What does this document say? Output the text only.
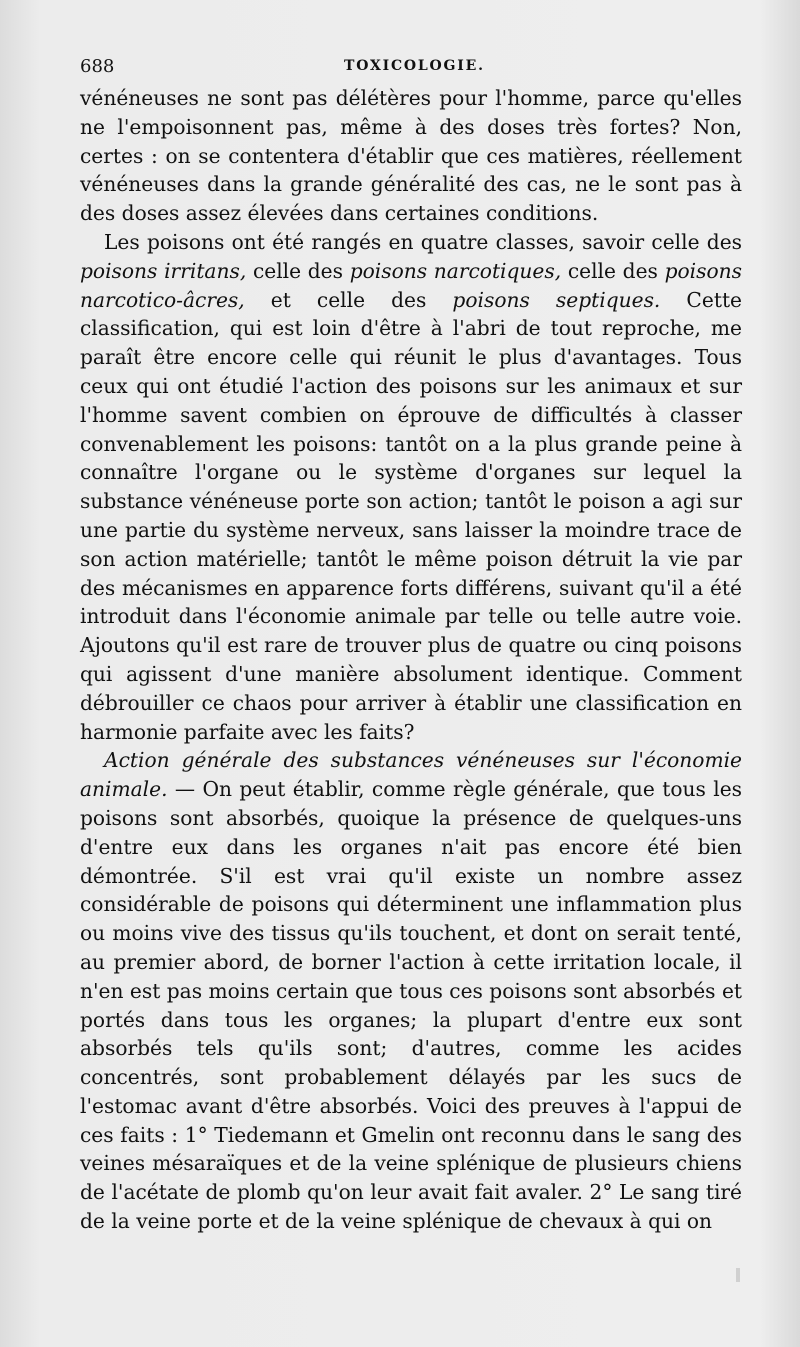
688	TOXICOLOGIE.

vénéneuses ne sont pas délétères pour l'homme, parce qu'elles ne l'empoisonnent pas, même à des doses très fortes? Non, certes : on se contentera d'établir que ces matières, réellement vénéneuses dans la grande généralité des cas, ne le sont pas à des doses assez élevées dans certaines conditions.

Les poisons ont été rangés en quatre classes, savoir celle des poisons irritans, celle des poisons narcotiques, celle des poisons narcotico-âcres, et celle des poisons septiques. Cette classification, qui est loin d'être à l'abri de tout reproche, me paraît être encore celle qui réunit le plus d'avantages. Tous ceux qui ont étudié l'action des poisons sur les animaux et sur l'homme savent combien on éprouve de difficultés à classer convenablement les poisons: tantôt on a la plus grande peine à connaître l'organe ou le système d'organes sur lequel la substance vénéneuse porte son action; tantôt le poison a agi sur une partie du système nerveux, sans laisser la moindre trace de son action matérielle; tantôt le même poison détruit la vie par des mécanismes en apparence forts différens, suivant qu'il a été introduit dans l'économie animale par telle ou telle autre voie. Ajoutons qu'il est rare de trouver plus de quatre ou cinq poisons qui agissent d'une manière absolument identique. Comment débrouiller ce chaos pour arriver à établir une classification en harmonie parfaite avec les faits?

Action générale des substances vénéneuses sur l'économie animale. — On peut établir, comme règle générale, que tous les poisons sont absorbés, quoique la présence de quelques-uns d'entre eux dans les organes n'ait pas encore été bien démontrée. S'il est vrai qu'il existe un nombre assez considérable de poisons qui déterminent une inflammation plus ou moins vive des tissus qu'ils touchent, et dont on serait tenté, au premier abord, de borner l'action à cette irritation locale, il n'en est pas moins certain que tous ces poisons sont absorbés et portés dans tous les organes; la plupart d'entre eux sont absorbés tels qu'ils sont; d'autres, comme les acides concentrés, sont probablement délayés par les sucs de l'estomac avant d'être absorbés. Voici des preuves à l'appui de ces faits : 1° Tiedemann et Gmelin ont reconnu dans le sang des veines mésaraïques et de la veine splénique de plusieurs chiens de l'acétate de plomb qu'on leur avait fait avaler. 2° Le sang tiré de la veine porte et de la veine splénique de chevaux à qui on
